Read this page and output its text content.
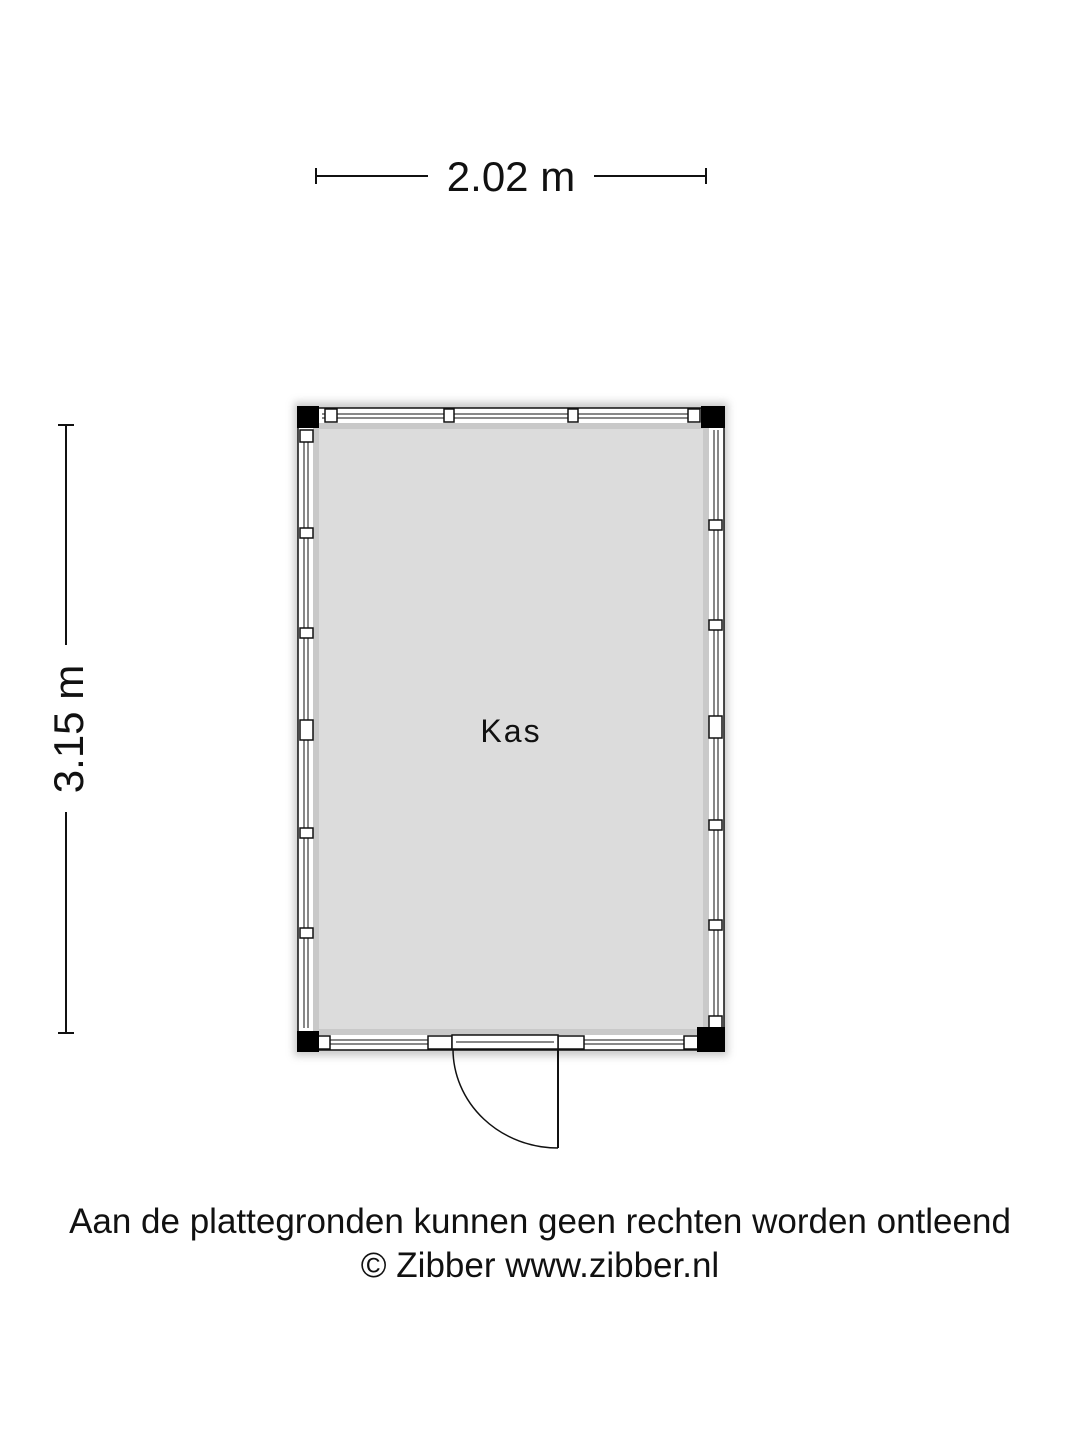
2.02 m
3.15 m	Kas
Aan de plattegronden kunnen geen rechten worden ontleend
© Zibber www.zibber.nl
